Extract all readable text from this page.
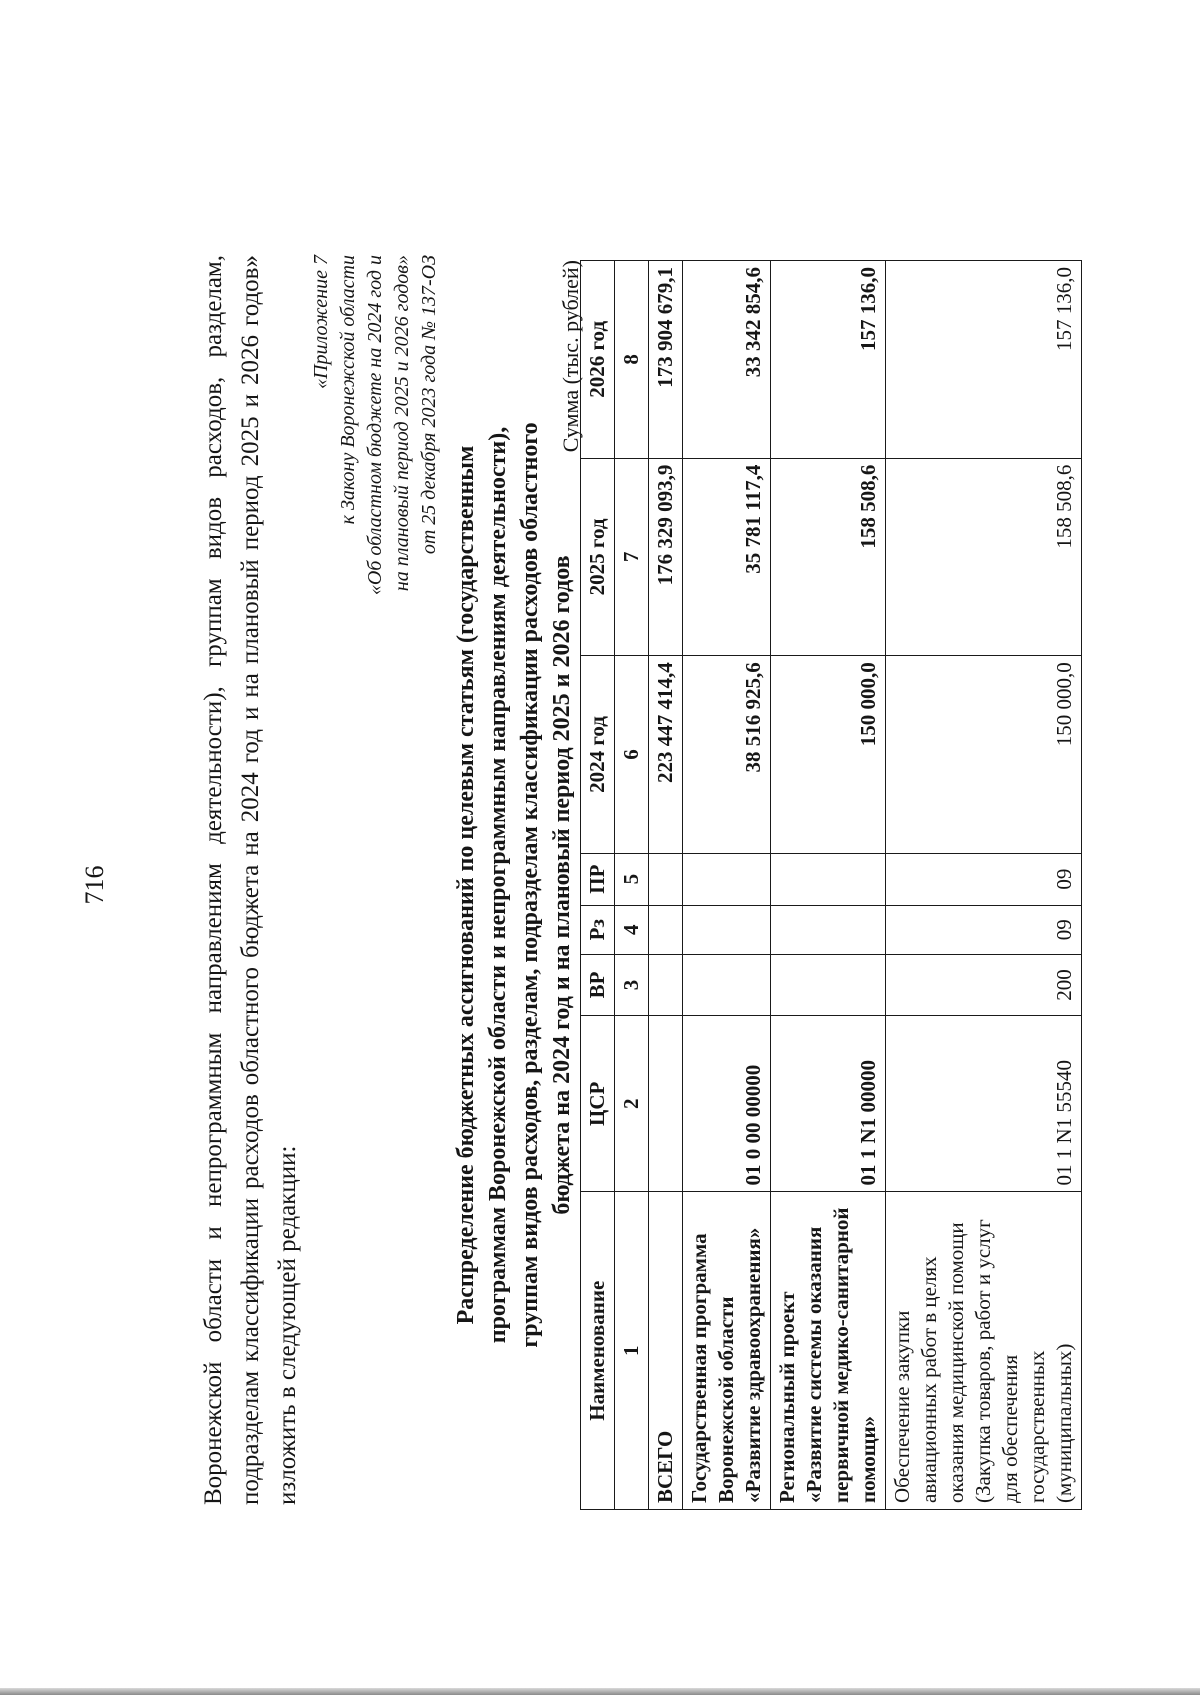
716	Воронежской области и непрограммным направлениям деятельности), группам видов расходов, разделам, подразделам классификации расходов областного бюджета на 2024 год и на плановый период 2025 и 2026 годов» изложить в следующей редакции:
«Приложение 7 к Закону Воронежской области «Об областном бюджете на 2024 год и на плановый период 2025 и 2026 годов» от 25 декабря 2023 года № 137-ОЗ
Распределение бюджетных ассигнований по целевым статьям (государственным программам Воронежской области и непрограммным направлениям деятельности), группам видов расходов, разделам, подразделам классификации расходов областного бюджета на 2024 год и на плановый период 2025 и 2026 годов
Сумма (тыс. рублей)
Наименование	ЦСР	ВР	Рз	ПР	2024 год	2025 год	2026 год
1	2	3	4	5	6	7	8
ВСЕГО					223 447 414,4	176 329 093,9	173 904 679,1
Государственная программа Воронежской области «Развитие здравоохранения»	01 0 00 00000				38 516 925,6	35 781 117,4	33 342 854,6
Региональный проект «Развитие системы оказания первичной медико-санитарной помощи»	01 1 N1 00000				150 000,0	158 508,6	157 136,0
Обеспечение закупки авиационных работ в целях оказания медицинской помощи (Закупка товаров, работ и услуг для обеспечения государственных (муниципальных)	01 1 N1 55540	200	09	09	150 000,0	158 508,6	157 136,0
